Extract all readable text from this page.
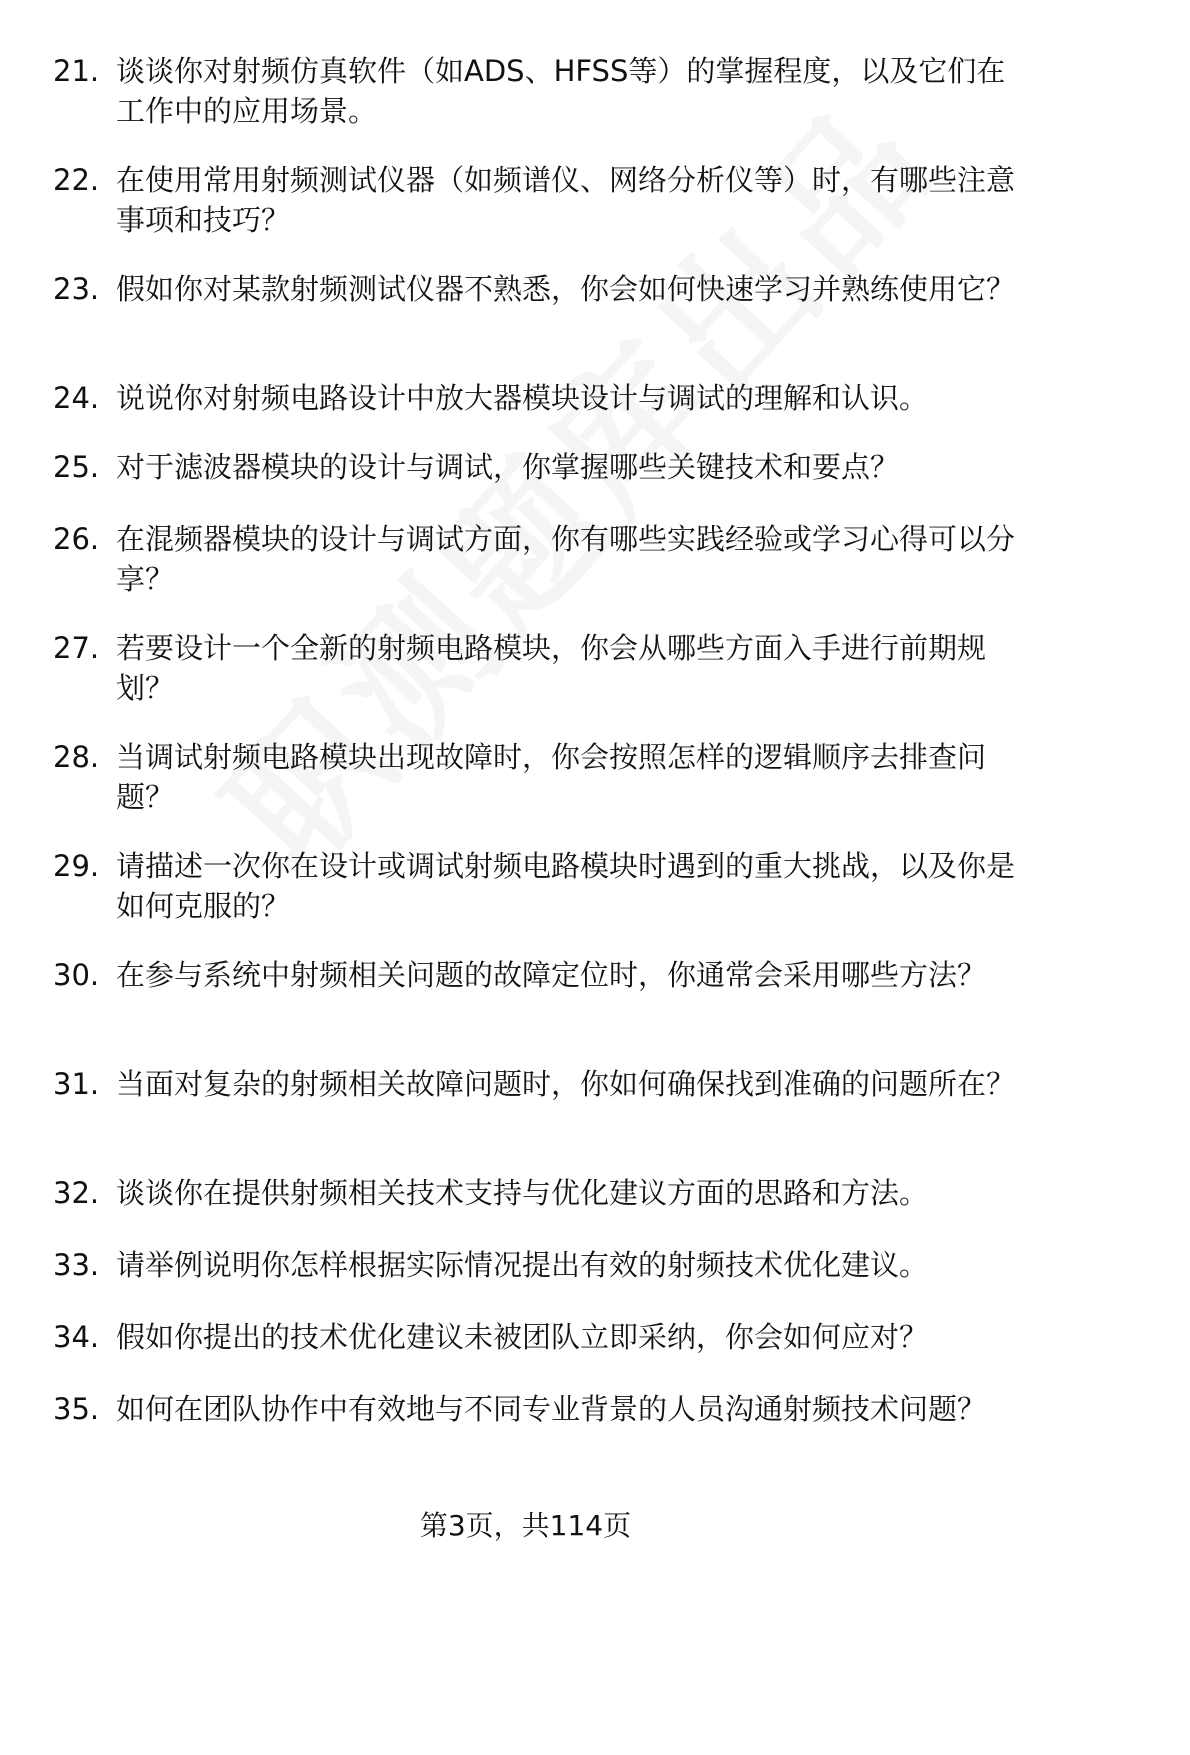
21. 谈谈你对射频仿真软件（如ADS、HFSS等）的掌握程度，以及它们在工作中的应用场景。
22. 在使用常用射频测试仪器（如频谱仪、网络分析仪等）时，有哪些注意事项和技巧？
23. 假如你对某款射频测试仪器不熟悉，你会如何快速学习并熟练使用它？
24. 说说你对射频电路设计中放大器模块设计与调试的理解和认识。
25. 对于滤波器模块的设计与调试，你掌握哪些关键技术和要点？
26. 在混频器模块的设计与调试方面，你有哪些实践经验或学习心得可以分享？
27. 若要设计一个全新的射频电路模块，你会从哪些方面入手进行前期规划？
28. 当调试射频电路模块出现故障时，你会按照怎样的逻辑顺序去排查问题？
29. 请描述一次你在设计或调试射频电路模块时遇到的重大挑战，以及你是如何克服的？
30. 在参与系统中射频相关问题的故障定位时，你通常会采用哪些方法？
31. 当面对复杂的射频相关故障问题时，你如何确保找到准确的问题所在？
32. 谈谈你在提供射频相关技术支持与优化建议方面的思路和方法。
33. 请举例说明你怎样根据实际情况提出有效的射频技术优化建议。
34. 假如你提出的技术优化建议未被团队立即采纳，你会如何应对？
35. 如何在团队协作中有效地与不同专业背景的人员沟通射频技术问题？
第3页，共114页
